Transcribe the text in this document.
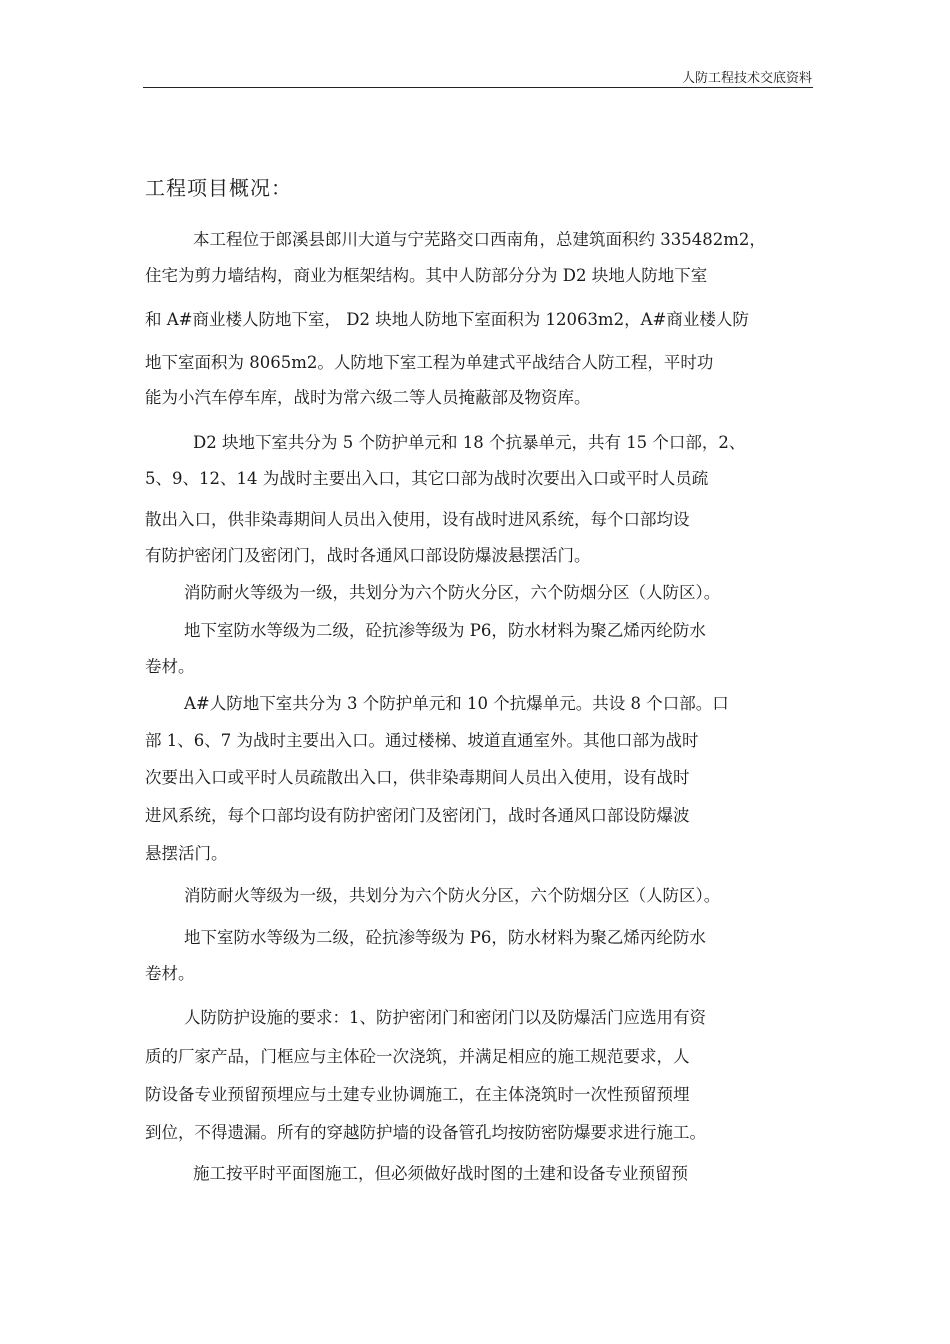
人防工程技术交底资料
工程项目概况：
本工程位于郎溪县郎川大道与宁芜路交口西南角，总建筑面积约 335482m2，
住宅为剪力墙结构，商业为框架结构。其中人防部分分为 D2 块地人防地下室
和 A#商业楼人防地下室， D2 块地人防地下室面积为 12063m2，A#商业楼人防
地下室面积为 8065m2。人防地下室工程为单建式平战结合人防工程，平时功
能为小汽车停车库，战时为常六级二等人员掩蔽部及物资库。
D2 块地下室共分为 5 个防护单元和 18 个抗暴单元，共有 15 个口部，2、
5、9、12、14 为战时主要出入口，其它口部为战时次要出入口或平时人员疏
散出入口，供非染毒期间人员出入使用，设有战时进风系统，每个口部均设
有防护密闭门及密闭门，战时各通风口部设防爆波悬摆活门。
消防耐火等级为一级，共划分为六个防火分区，六个防烟分区（人防区）。
地下室防水等级为二级，砼抗渗等级为 P6，防水材料为聚乙烯丙纶防水
卷材。
A#人防地下室共分为 3 个防护单元和 10 个抗爆单元。共设 8 个口部。口
部 1、6、7 为战时主要出入口。通过楼梯、坡道直通室外。其他口部为战时
次要出入口或平时人员疏散出入口，供非染毒期间人员出入使用，设有战时
进风系统，每个口部均设有防护密闭门及密闭门，战时各通风口部设防爆波
悬摆活门。
消防耐火等级为一级，共划分为六个防火分区，六个防烟分区（人防区）。
地下室防水等级为二级，砼抗渗等级为 P6，防水材料为聚乙烯丙纶防水
卷材。
人防防护设施的要求：1、防护密闭门和密闭门以及防爆活门应选用有资
质的厂家产品，门框应与主体砼一次浇筑，并满足相应的施工规范要求，人
防设备专业预留预埋应与土建专业协调施工，在主体浇筑时一次性预留预埋
到位，不得遗漏。所有的穿越防护墙的设备管孔均按防密防爆要求进行施工。
施工按平时平面图施工，但必须做好战时图的土建和设备专业预留预
